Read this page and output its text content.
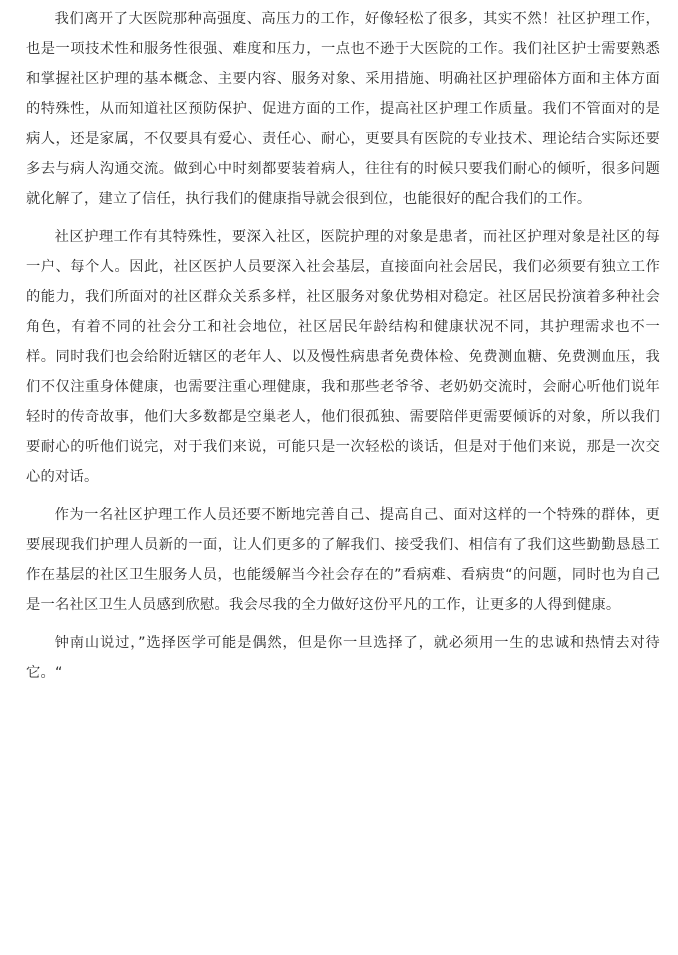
我们离开了大医院那种高强度、高压力的工作，好像轻松了很多，其实不然！社区护理工作，也是一项技术性和服务性很强、难度和压力，一点也不逊于大医院的工作。我们社区护士需要熟悉和掌握社区护理的基本概念、主要内容、服务对象、采用措施、明确社区护理硲体方面和主体方面的特殊性，从而知道社区预防保护、促进方面的工作，提高社区护理工作质量。我们不管面对的是病人，还是家属，不仅要具有爱心、责任心、耐心，更要具有医院的专业技术、理论结合实际还要多去与病人沟通交流。做到心中时刻都要装着病人，往往有的时候只要我们耐心的倾听，很多问题就化解了，建立了信任，执行我们的健康指导就会很到位，也能很好的配合我们的工作。

社区护理工作有其特殊性，要深入社区，医院护理的对象是患者，而社区护理对象是社区的每一户、每个人。因此，社区医护人员要深入社会基层，直接面向社会居民，我们必须要有独立工作的能力，我们所面对的社区群众关系多样，社区服务对象优势相对稳定。社区居民扮演着多种社会角色，有着不同的社会分工和社会地位，社区居民年龄结构和健康状况不同，其护理需求也不一样。同时我们也会给附近辖区的老年人、以及慢性病患者免费体检、免费测血糖、免费测血压，我们不仅注重身体健康，也需要注重心理健康，我和那些老爷爷、老奶奶交流时，会耐心听他们说年轻时的传奇故事，他们大多数都是空巢老人，他们很孤独、需要陪伴更需要倾诉的对象，所以我们要耐心的听他们说完，对于我们来说，可能只是一次轻松的谈话，但是对于他们来说，那是一次交心的对话。

作为一名社区护理工作人员还要不断地完善自己、提高自己、面对这样的一个特殊的群体，更要展现我们护理人员新的一面，让人们更多的了解我们、接受我们、相信有了我们这些勤勤恳恳工作在基层的社区卫生服务人员，也能缓解当今社会存在的”看病难、看病贵“的问题，同时也为自己是一名社区卫生人员感到欣慰。我会尽我的全力做好这份平凡的工作，让更多的人得到健康。

钟南山说过，”选择医学可能是偶然，但是你一旦选择了，就必须用一生的忠诚和热情去对待它。“
